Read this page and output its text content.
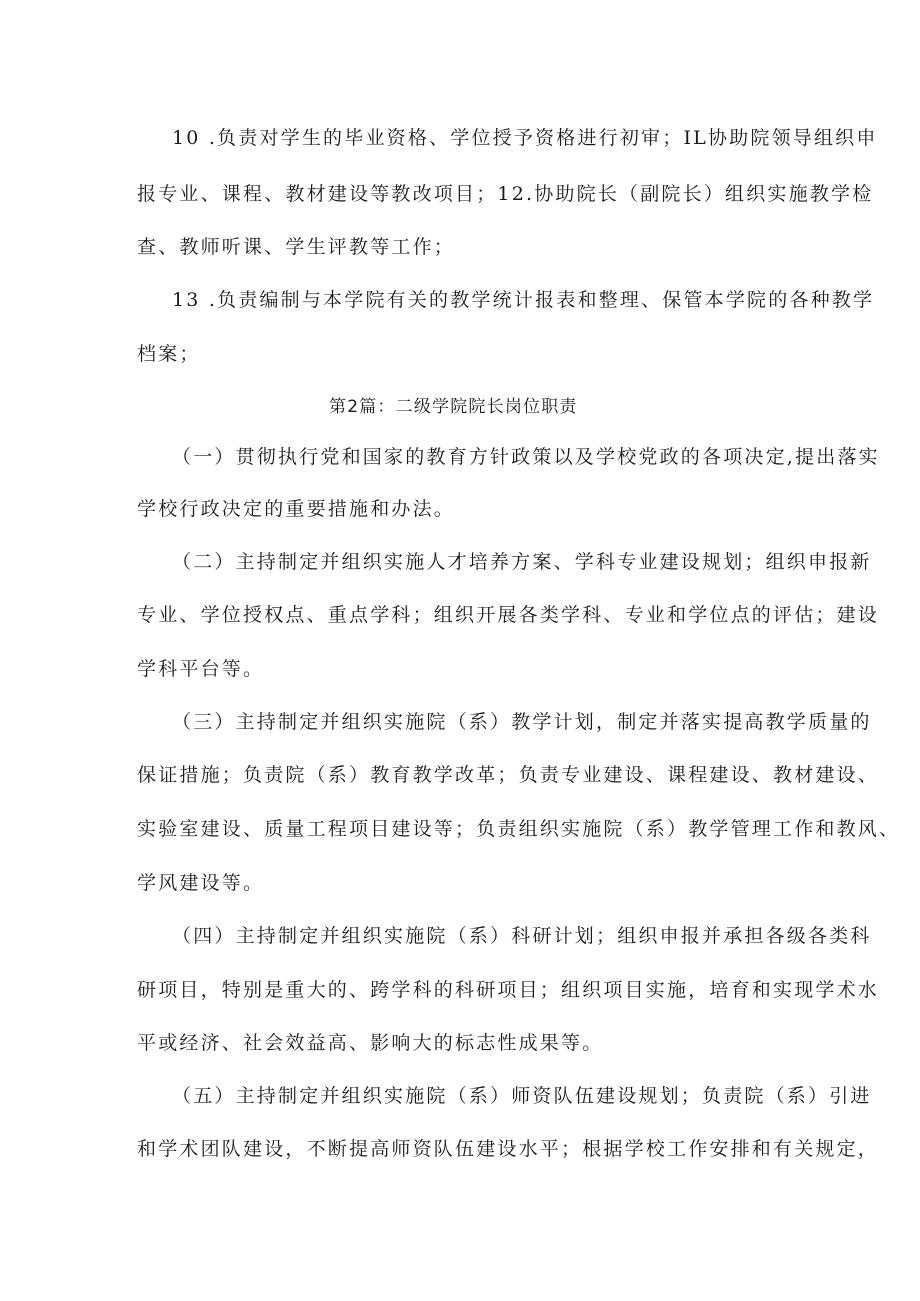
10 .负责对学生的毕业资格、学位授予资格进行初审；IL协助院领导组织申
报专业、课程、教材建设等教改项目；12.协助院长（副院长）组织实施教学检
查、教师听课、学生评教等工作；
13 .负责编制与本学院有关的教学统计报表和整理、保管本学院的各种教学
档案；
第2篇：二级学院院长岗位职责
（一）贯彻执行党和国家的教育方针政策以及学校党政的各项决定,提出落实
学校行政决定的重要措施和办法。
（二）主持制定并组织实施人才培养方案、学科专业建设规划；组织申报新
专业、学位授权点、重点学科；组织开展各类学科、专业和学位点的评估；建设
学科平台等。
（三）主持制定并组织实施院（系）教学计划，制定并落实提高教学质量的
保证措施；负责院（系）教育教学改革；负责专业建设、课程建设、教材建设、
实验室建设、质量工程项目建设等；负责组织实施院（系）教学管理工作和教风、
学风建设等。
（四）主持制定并组织实施院（系）科研计划；组织申报并承担各级各类科
研项目，特别是重大的、跨学科的科研项目；组织项目实施，培育和实现学术水
平或经济、社会效益高、影响大的标志性成果等。
（五）主持制定并组织实施院（系）师资队伍建设规划；负责院（系）引进
和学术团队建设，不断提高师资队伍建设水平；根据学校工作安排和有关规定，
